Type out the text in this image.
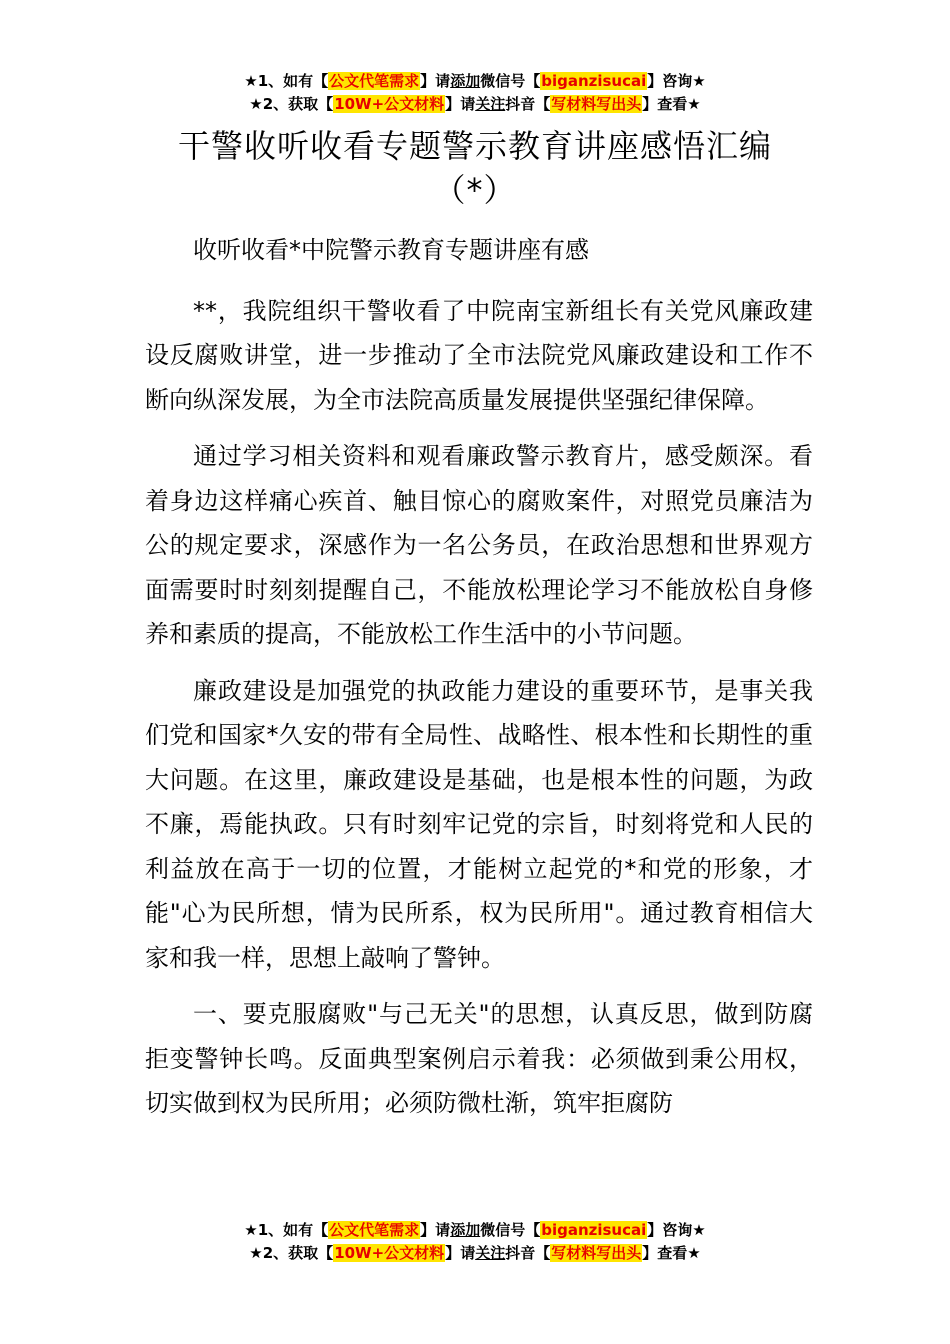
★1、如有【公文代笔需求】请添加微信号【biganzisucai】咨询★
★2、获取【10W+公文材料】请关注抖音【写材料写出头】查看★
干警收听收看专题警示教育讲座感悟汇编
（*）

收听收看*中院警示教育专题讲座有感

**，我院组织干警收看了中院南宝新组长有关党风廉政建设反腐败讲堂，进一步推动了全市法院党风廉政建设和工作不断向纵深发展，为全市法院高质量发展提供坚强纪律保障。

通过学习相关资料和观看廉政警示教育片，感受颇深。看着身边这样痛心疾首、触目惊心的腐败案件，对照党员廉洁为公的规定要求，深感作为一名公务员，在政治思想和世界观方面需要时时刻刻提醒自己，不能放松理论学习不能放松自身修养和素质的提高，不能放松工作生活中的小节问题。

廉政建设是加强党的执政能力建设的重要环节，是事关我们党和国家*久安的带有全局性、战略性、根本性和长期性的重大问题。在这里，廉政建设是基础，也是根本性的问题，为政不廉，焉能执政。只有时刻牢记党的宗旨，时刻将党和人民的利益放在高于一切的位置，才能树立起党的*和党的形象，才能"心为民所想，情为民所系，权为民所用"。通过教育相信大家和我一样，思想上敲响了警钟。

一、要克服腐败"与己无关"的思想，认真反思，做到防腐拒变警钟长鸣。反面典型案例启示着我：必须做到秉公用权，切实做到权为民所用；必须防微杜渐，筑牢拒腐防

★1、如有【公文代笔需求】请添加微信号【biganzisucai】咨询★
★2、获取【10W+公文材料】请关注抖音【写材料写出头】查看★
